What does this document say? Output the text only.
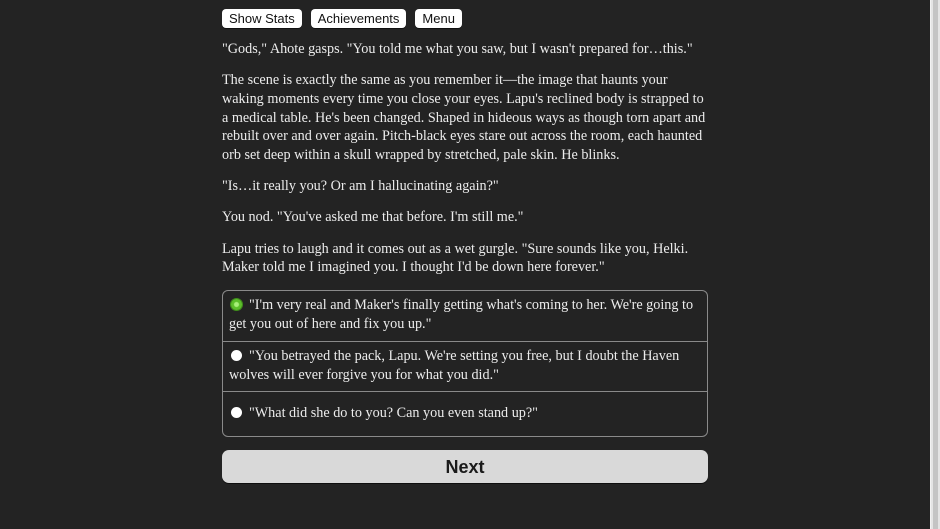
Show Stats	Achievements	Menu

"Gods," Ahote gasps. "You told me what you saw, but I wasn't prepared for…this."

The scene is exactly the same as you remember it—the image that haunts your waking moments every time you close your eyes. Lapu's reclined body is strapped to a medical table. He's been changed. Shaped in hideous ways as though torn apart and rebuilt over and over again. Pitch-black eyes stare out across the room, each haunted orb set deep within a skull wrapped by stretched, pale skin. He blinks.

"Is…it really you? Or am I hallucinating again?"

You nod. "You've asked me that before. I'm still me."

Lapu tries to laugh and it comes out as a wet gurgle. "Sure sounds like you, Helki. Maker told me I imagined you. I thought I'd be down here forever."

"I'm very real and Maker's finally getting what's coming to her. We're going to get you out of here and fix you up."
"You betrayed the pack, Lapu. We're setting you free, but I doubt the Haven wolves will ever forgive you for what you did."
"What did she do to you? Can you even stand up?"
Next
